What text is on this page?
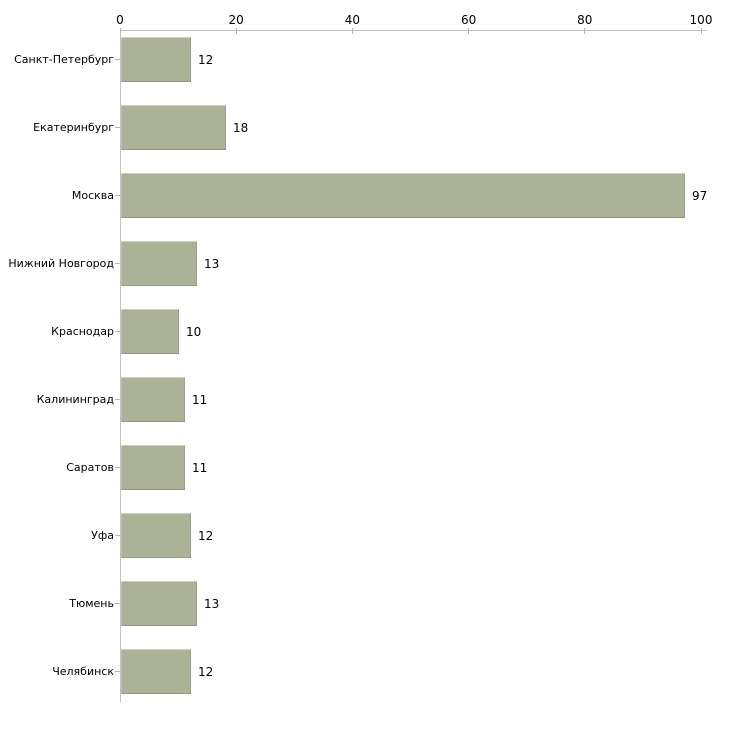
0	20	40	60	80	100
Санкт-Петербург	12
Екатеринбург	18
Москва	97
Нижний Новгород	13
Краснодар	10
Калининград	11
Саратов	11
Уфа	12
Тюмень	13
Челябинск	12
